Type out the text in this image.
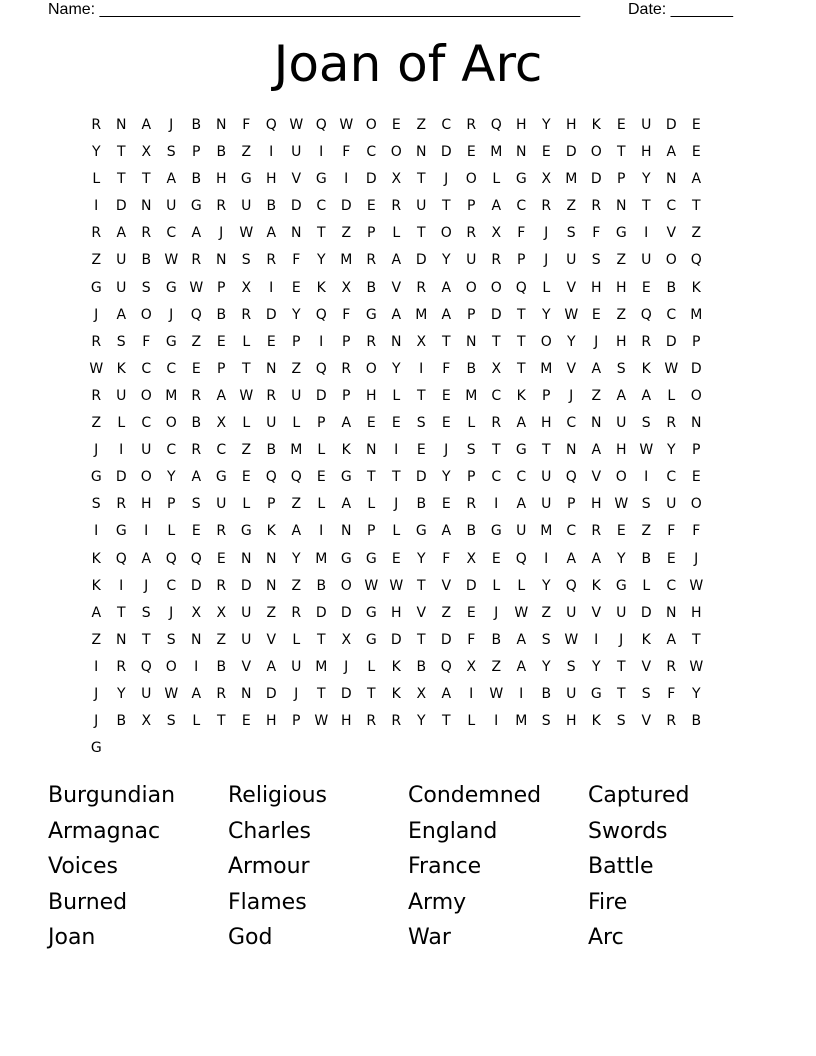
Name: ______________________________________________________

	Date: _______

Joan of Arc
R	N	A	J	B	N	F	Q W Q W O	E	Z	C	R	Q H	Y	H	K	E	U D	E
Y	T	X	S	P	B	Z	I	U	I	F	C	O N D	E	M N	E	D O	T	H	A	E
L	T	T	A	B	H G H	V	G	I	D	X	T	J	O	L	G	X M D	P	Y	N	A
I	D N	U G	R	U	B	D	C	D	E	R	U	T	P	A	C	R	Z	R	N	T	C	T
R	A	R	C	A	J	W A	N	T	Z	P	L	T	O	R	X	F	J	S	F	G	I	V	Z
Z	U	B W R	N	S	R	F	Y	M R	A	D	Y	U	R	P	J	U	S	Z	U O Q
G U	S	G W P	X	I	E	K	X	B	V	R	A	O O Q	L	V	H H	E	B	K
J	A	O	J	Q	B	R	D	Y	Q	F	G	A M A	P	D	T	Y W E	Z	Q	C M
R	S	F	G	Z	E	L	E	P	I	P	R	N	X	T	N	T	T	O	Y	J	H	R	D	P
W K	C	C	E	P	T	N	Z	Q	R	O	Y	I	F	B	X	T	M V	A	S	K W D
R	U O M R	A W R	U D	P	H	L	T	E	M C	K	P	J	Z	A	A	L	O
Z	L	C	O	B	X	L	U	L	P	A	E	E	S	E	L	R	A	H	C	N	U	S	R	N
J	I	U	C	R	C	Z	B M	L	K	N	I	E	J	S	T	G	T	N	A	H W Y	P
G D O	Y	A	G	E	Q Q	E	G	T	T	D	Y	P	C	C	U Q	V	O	I	C	E
S	R	H	P	S	U	L	P	Z	L	A	L	J	B	E	R	I	A	U	P	H W S	U O
I	G	I	L	E	R	G	K	A	I	N	P	L	G	A	B	G U M C	R	E	Z	F	F
K	Q	A	Q Q	E	N	N	Y	M G G	E	Y	F	X	E	Q	I	A	A	Y	B	E	J
K	I	J	C	D	R	D N	Z	B	O W W T	V	D	L	L	Y	Q	K	G	L	C W
A	T	S	J	X	X	U	Z	R	D D G H	V	Z	E	J	W Z	U	V	U D N	H
Z	N	T	S	N	Z	U	V	L	T	X	G D	T	D	F	B	A	S W	I	J	K	A	T
I	R	Q O	I	B	V	A	U M	J	L	K	B	Q	X	Z	A	Y	S	Y	T	V	R W
J	Y	U W A	R	N D	J	T	D	T	K	X	A	I	W	I	B	U G	T	S	F	Y
J	B	X	S	L	T	E	H	P W H	R	R	Y	T	L	I	M	S	H	K	S	V	R	B
G
Burgundian	Religious	Condemned	Captured
Armagnac	Charles	England	Swords
Voices	Armour	France	Battle
Burned	Flames	Army	Fire
Joan	God	War	Arc
